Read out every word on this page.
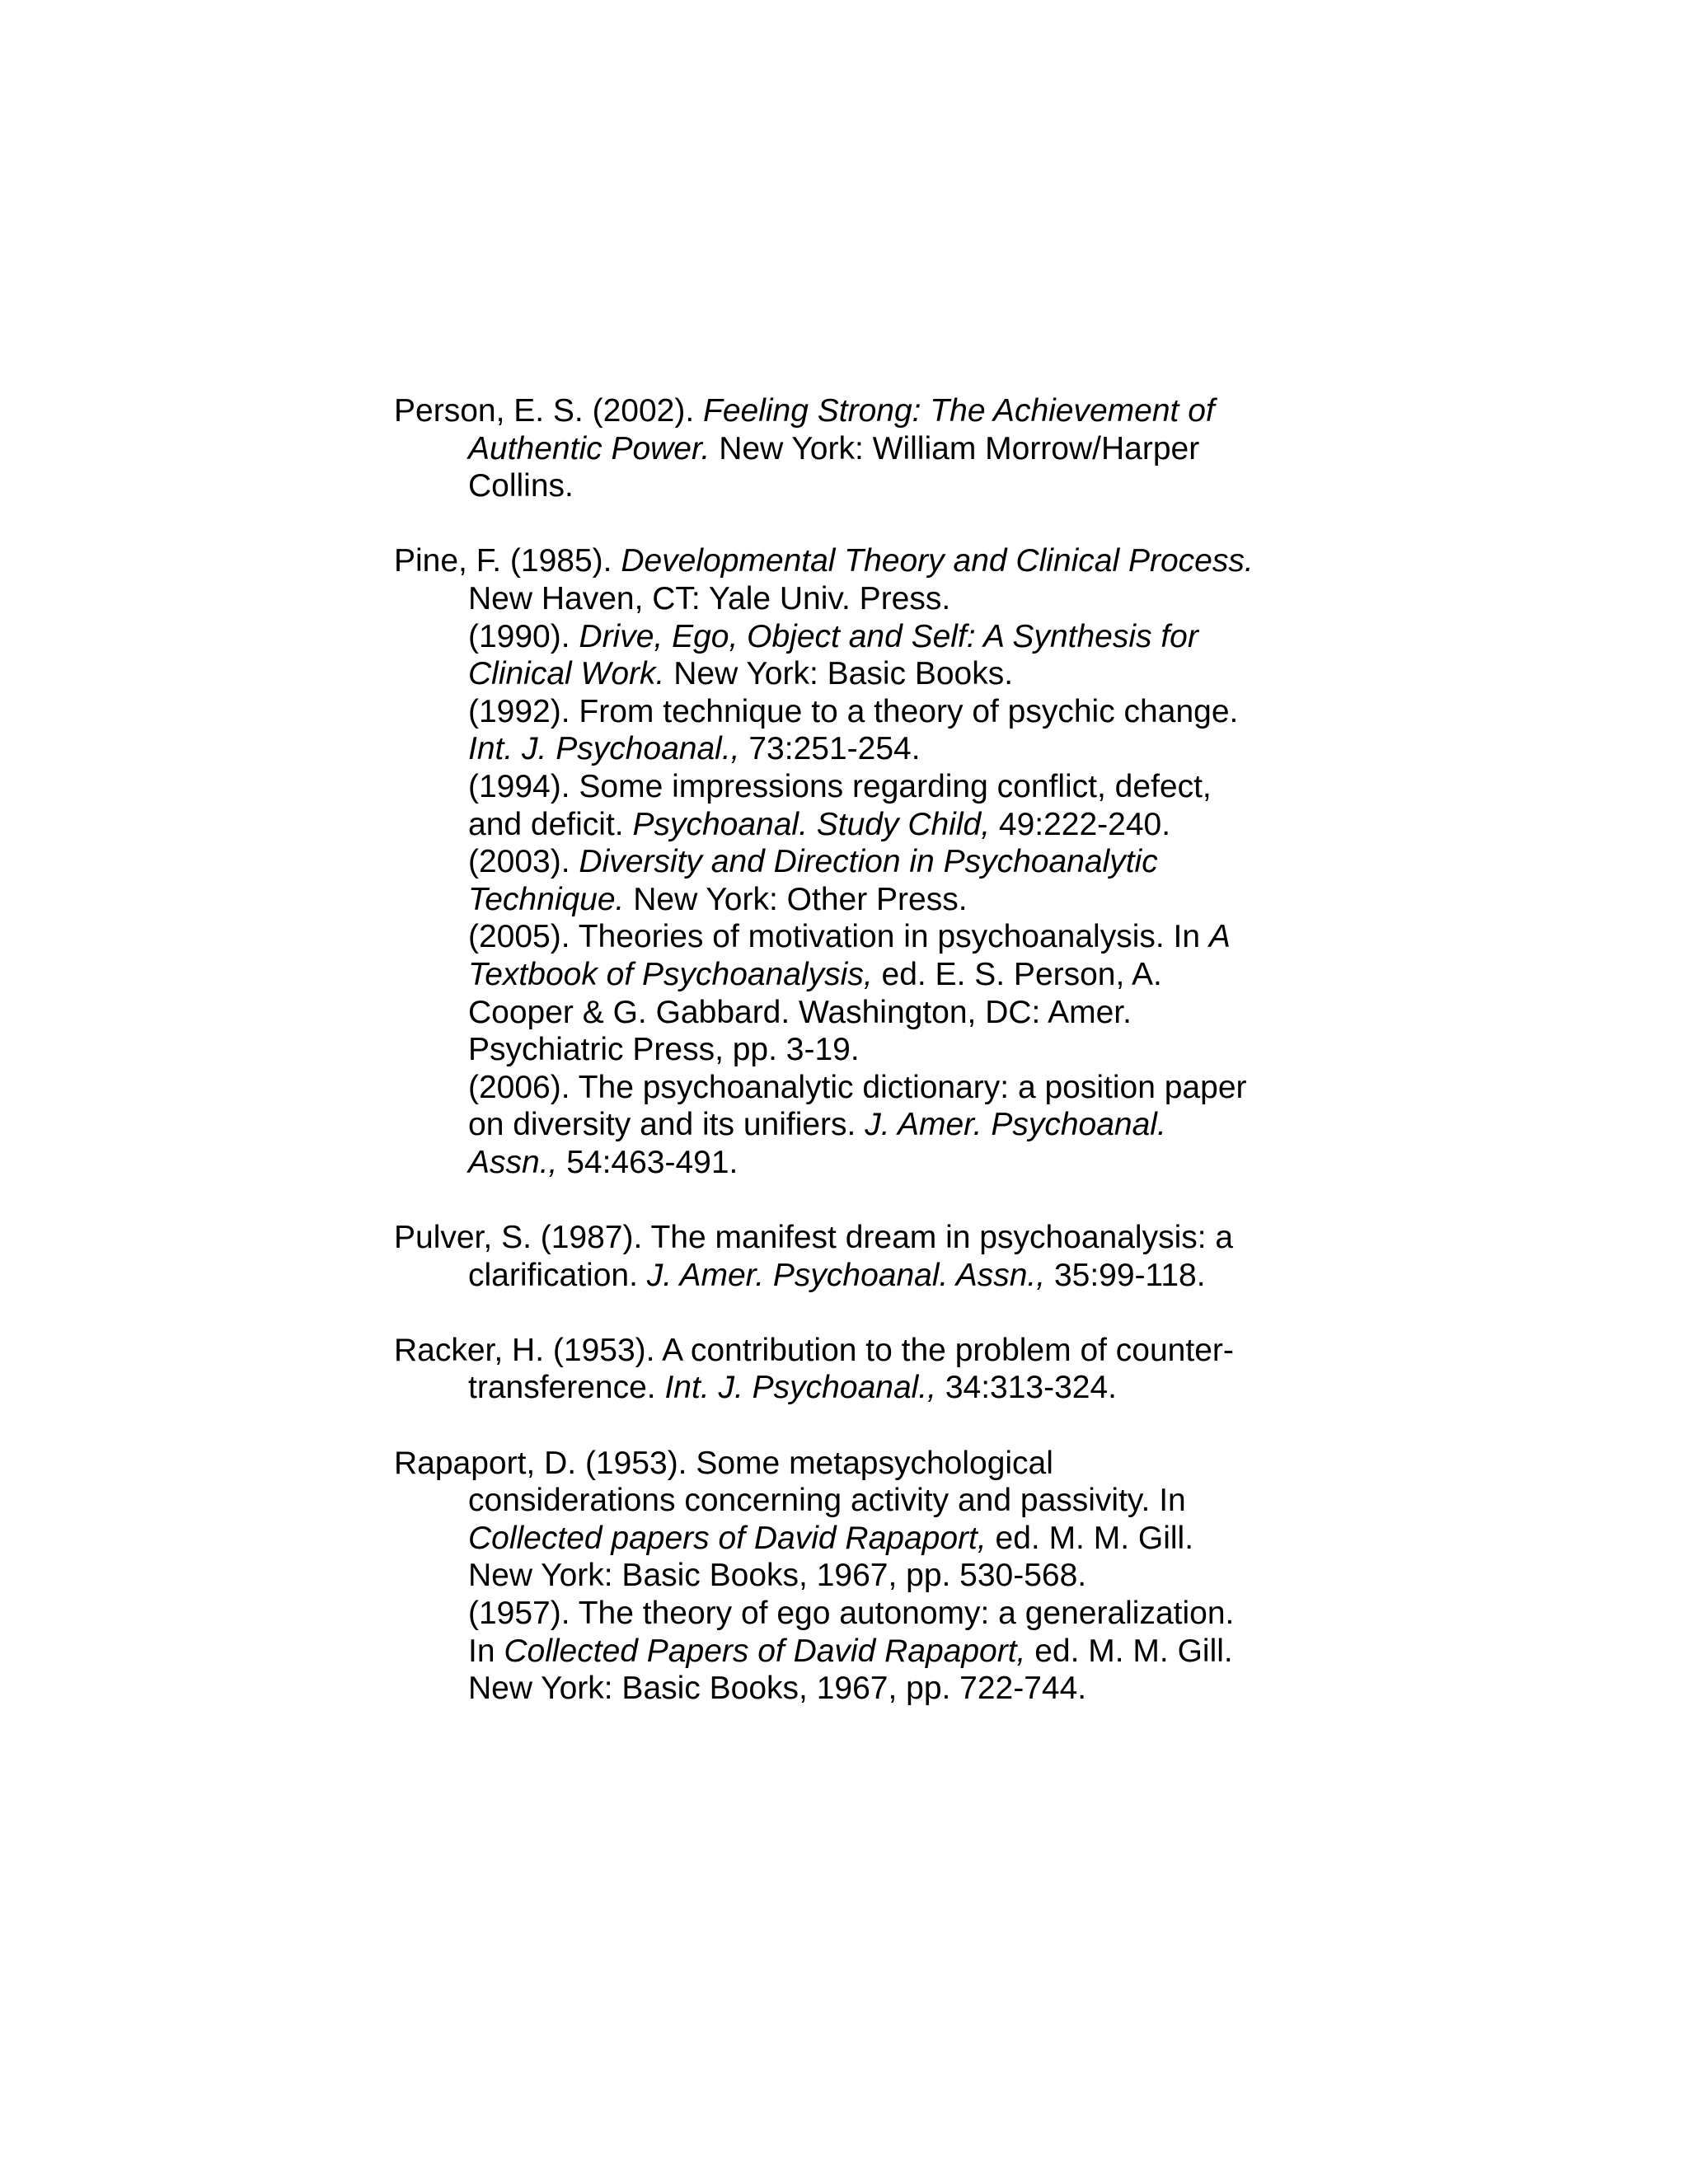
Person, E. S. (2002). Feeling Strong: The Achievement of
Authentic Power. New York: William Morrow/Harper
Collins.
Pine, F. (1985). Developmental Theory and Clinical Process.
New Haven, CT: Yale Univ. Press.
(1990). Drive, Ego, Object and Self: A Synthesis for
Clinical Work. New York: Basic Books.
(1992). From technique to a theory of psychic change.
Int. J. Psychoanal., 73:251-254.
(1994). Some impressions regarding conflict, defect,
and deficit. Psychoanal. Study Child, 49:222-240.
(2003). Diversity and Direction in Psychoanalytic
Technique. New York: Other Press.
(2005). Theories of motivation in psychoanalysis. In A
Textbook of Psychoanalysis, ed. E. S. Person, A.
Cooper & G. Gabbard. Washington, DC: Amer.
Psychiatric Press, pp. 3-19.
(2006). The psychoanalytic dictionary: a position paper
on diversity and its unifiers. J. Amer. Psychoanal.
Assn., 54:463-491.
Pulver, S. (1987). The manifest dream in psychoanalysis: a
clarification. J. Amer. Psychoanal. Assn., 35:99-118.
Racker, H. (1953). A contribution to the problem of counter-
transference. Int. J. Psychoanal., 34:313-324.
Rapaport, D. (1953). Some metapsychological
considerations concerning activity and passivity. In
Collected papers of David Rapaport, ed. M. M. Gill.
New York: Basic Books, 1967, pp. 530-568.
(1957). The theory of ego autonomy: a generalization.
In Collected Papers of David Rapaport, ed. M. M. Gill.
New York: Basic Books, 1967, pp. 722-744.
